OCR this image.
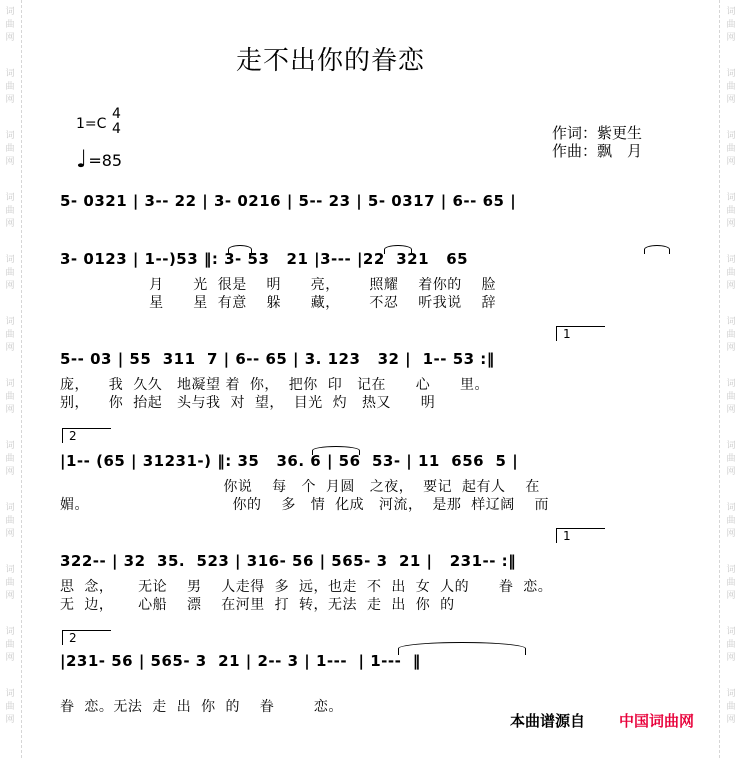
走不出你的眷恋
1=C
4
4
♩ =85
作词：紫更生
作曲：飘　月
5- 0321 | 3-- 22 | 3- 0216 | 5-- 23 | 5- 0317 | 6-- 65 |
3- 0123 | 1--)53 ‖: 3- 53   21 |3--- |22  321   65
月      光  很是    明      亮，      照耀    着你的    脸
星      星  有意    躲      藏，      不忍    听我说    辞
1
5-- 03 | 55  311  7 | 6-- 65 | 3. 123   32 |  1-- 53 :‖
庞，    我  久久   地凝望 着  你，  把你  印   记在      心      里。
别，    你  抬起   头与我  对  望，  目光  灼   热又      明
2
|1-- (65 | 31231-) ‖: 35   36. 6 | 56  53- | 11  656  5 |
你说    每   个  月圆   之夜，  要记  起有人    在
媚。                             你的    多   情  化成   河流，  是那  样辽阔    而
1
322-- | 32  35.  523 | 316- 56 | 565- 3  21 |   231-- :‖
思  念，     无论    男    人走得  多  远，也走  不  出  女  人的      眷  恋。
无  边，     心船    漂    在河里  打  转，无法  走  出  你  的
2
|231- 56 | 565- 3  21 | 2-- 3 | 1---  | 1---  ‖
眷  恋。无法  走  出  你  的    眷        恋。
本曲谱源自 中国词曲网
词
曲
网
词
曲
网
词
曲
网
词
曲
网
词
曲
网
词
曲
网
词
曲
网
词
曲
网
词
曲
网
词
曲
网
词
曲
网
词
曲
网
词
曲
网
词
曲
网
词
曲
网
词
曲
网
词
曲
网
词
曲
网
词
曲
网
词
曲
网
词
曲
网
词
曲
网
词
曲
网
词
曲
网
